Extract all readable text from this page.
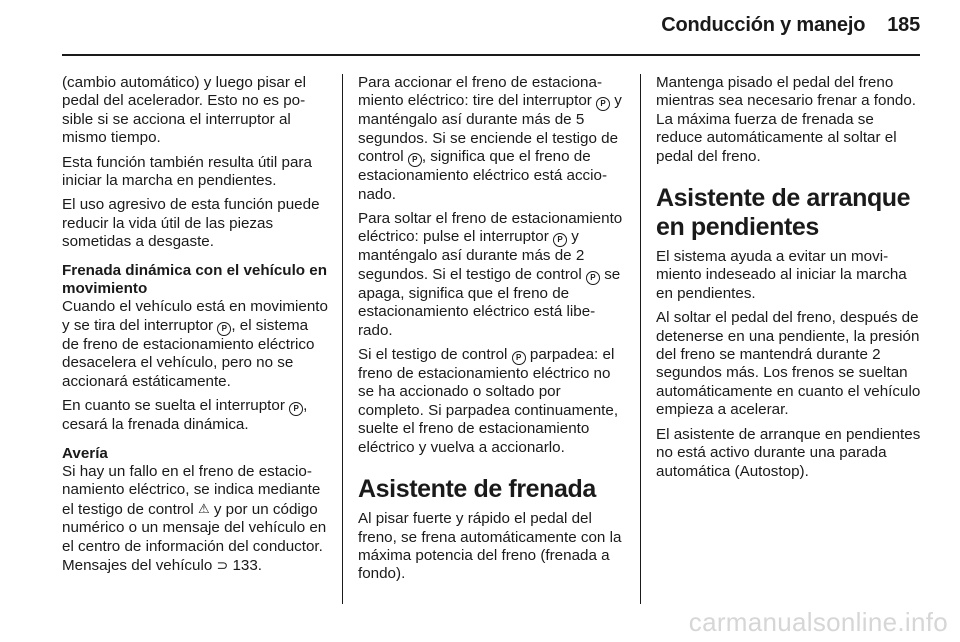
Conducción y manejo 185

(cambio automático) y luego pisar el pedal del acelerador. Esto no es posible si se acciona el interruptor al mismo tiempo.

Esta función también resulta útil para iniciar la marcha en pendientes.

El uso agresivo de esta función puede reducir la vida útil de las piezas sometidas a desgaste.

Frenada dinámica con el vehículo en movimiento

Cuando el vehículo está en movimiento y se tira del interruptor P , el sistema de freno de estacionamiento eléctrico desacelera el vehículo, pero no se accionará estáticamente.

En cuanto se suelta el interruptor P , cesará la frenada dinámica.

Avería

Si hay un fallo en el freno de estacionamiento eléctrico, se indica mediante el testigo de control ⚠ y por un código numérico o un mensaje del vehículo en el centro de información del conductor. Mensajes del vehículo ⊃ 133.

Para accionar el freno de estacionamiento eléctrico: tire del interruptor P y manténgalo así durante más de 5 segundos. Si se enciende el testigo de control P , significa que el freno de estacionamiento eléctrico está accionado.

Para soltar el freno de estacionamiento eléctrico: pulse el interruptor P y manténgalo así durante más de 2 segundos. Si el testigo de control P se apaga, significa que el freno de estacionamiento eléctrico está liberado.

Si el testigo de control P parpadea: el freno de estacionamiento eléctrico no se ha accionado o soltado por completo. Si parpadea continuamente, suelte el freno de estacionamiento eléctrico y vuelva a accionarlo.

Asistente de frenada

Al pisar fuerte y rápido el pedal del freno, se frena automáticamente con la máxima potencia del freno (frenada a fondo).

Mantenga pisado el pedal del freno mientras sea necesario frenar a fondo. La máxima fuerza de frenada se reduce automáticamente al soltar el pedal del freno.

Asistente de arranque en pendientes

El sistema ayuda a evitar un movimiento indeseado al iniciar la marcha en pendientes.

Al soltar el pedal del freno, después de detenerse en una pendiente, la presión del freno se mantendrá durante 2 segundos más. Los frenos se sueltan automáticamente en cuanto el vehículo empieza a acelerar.

El asistente de arranque en pendientes no está activo durante una parada automática (Autostop).

carmanualsonline.info
